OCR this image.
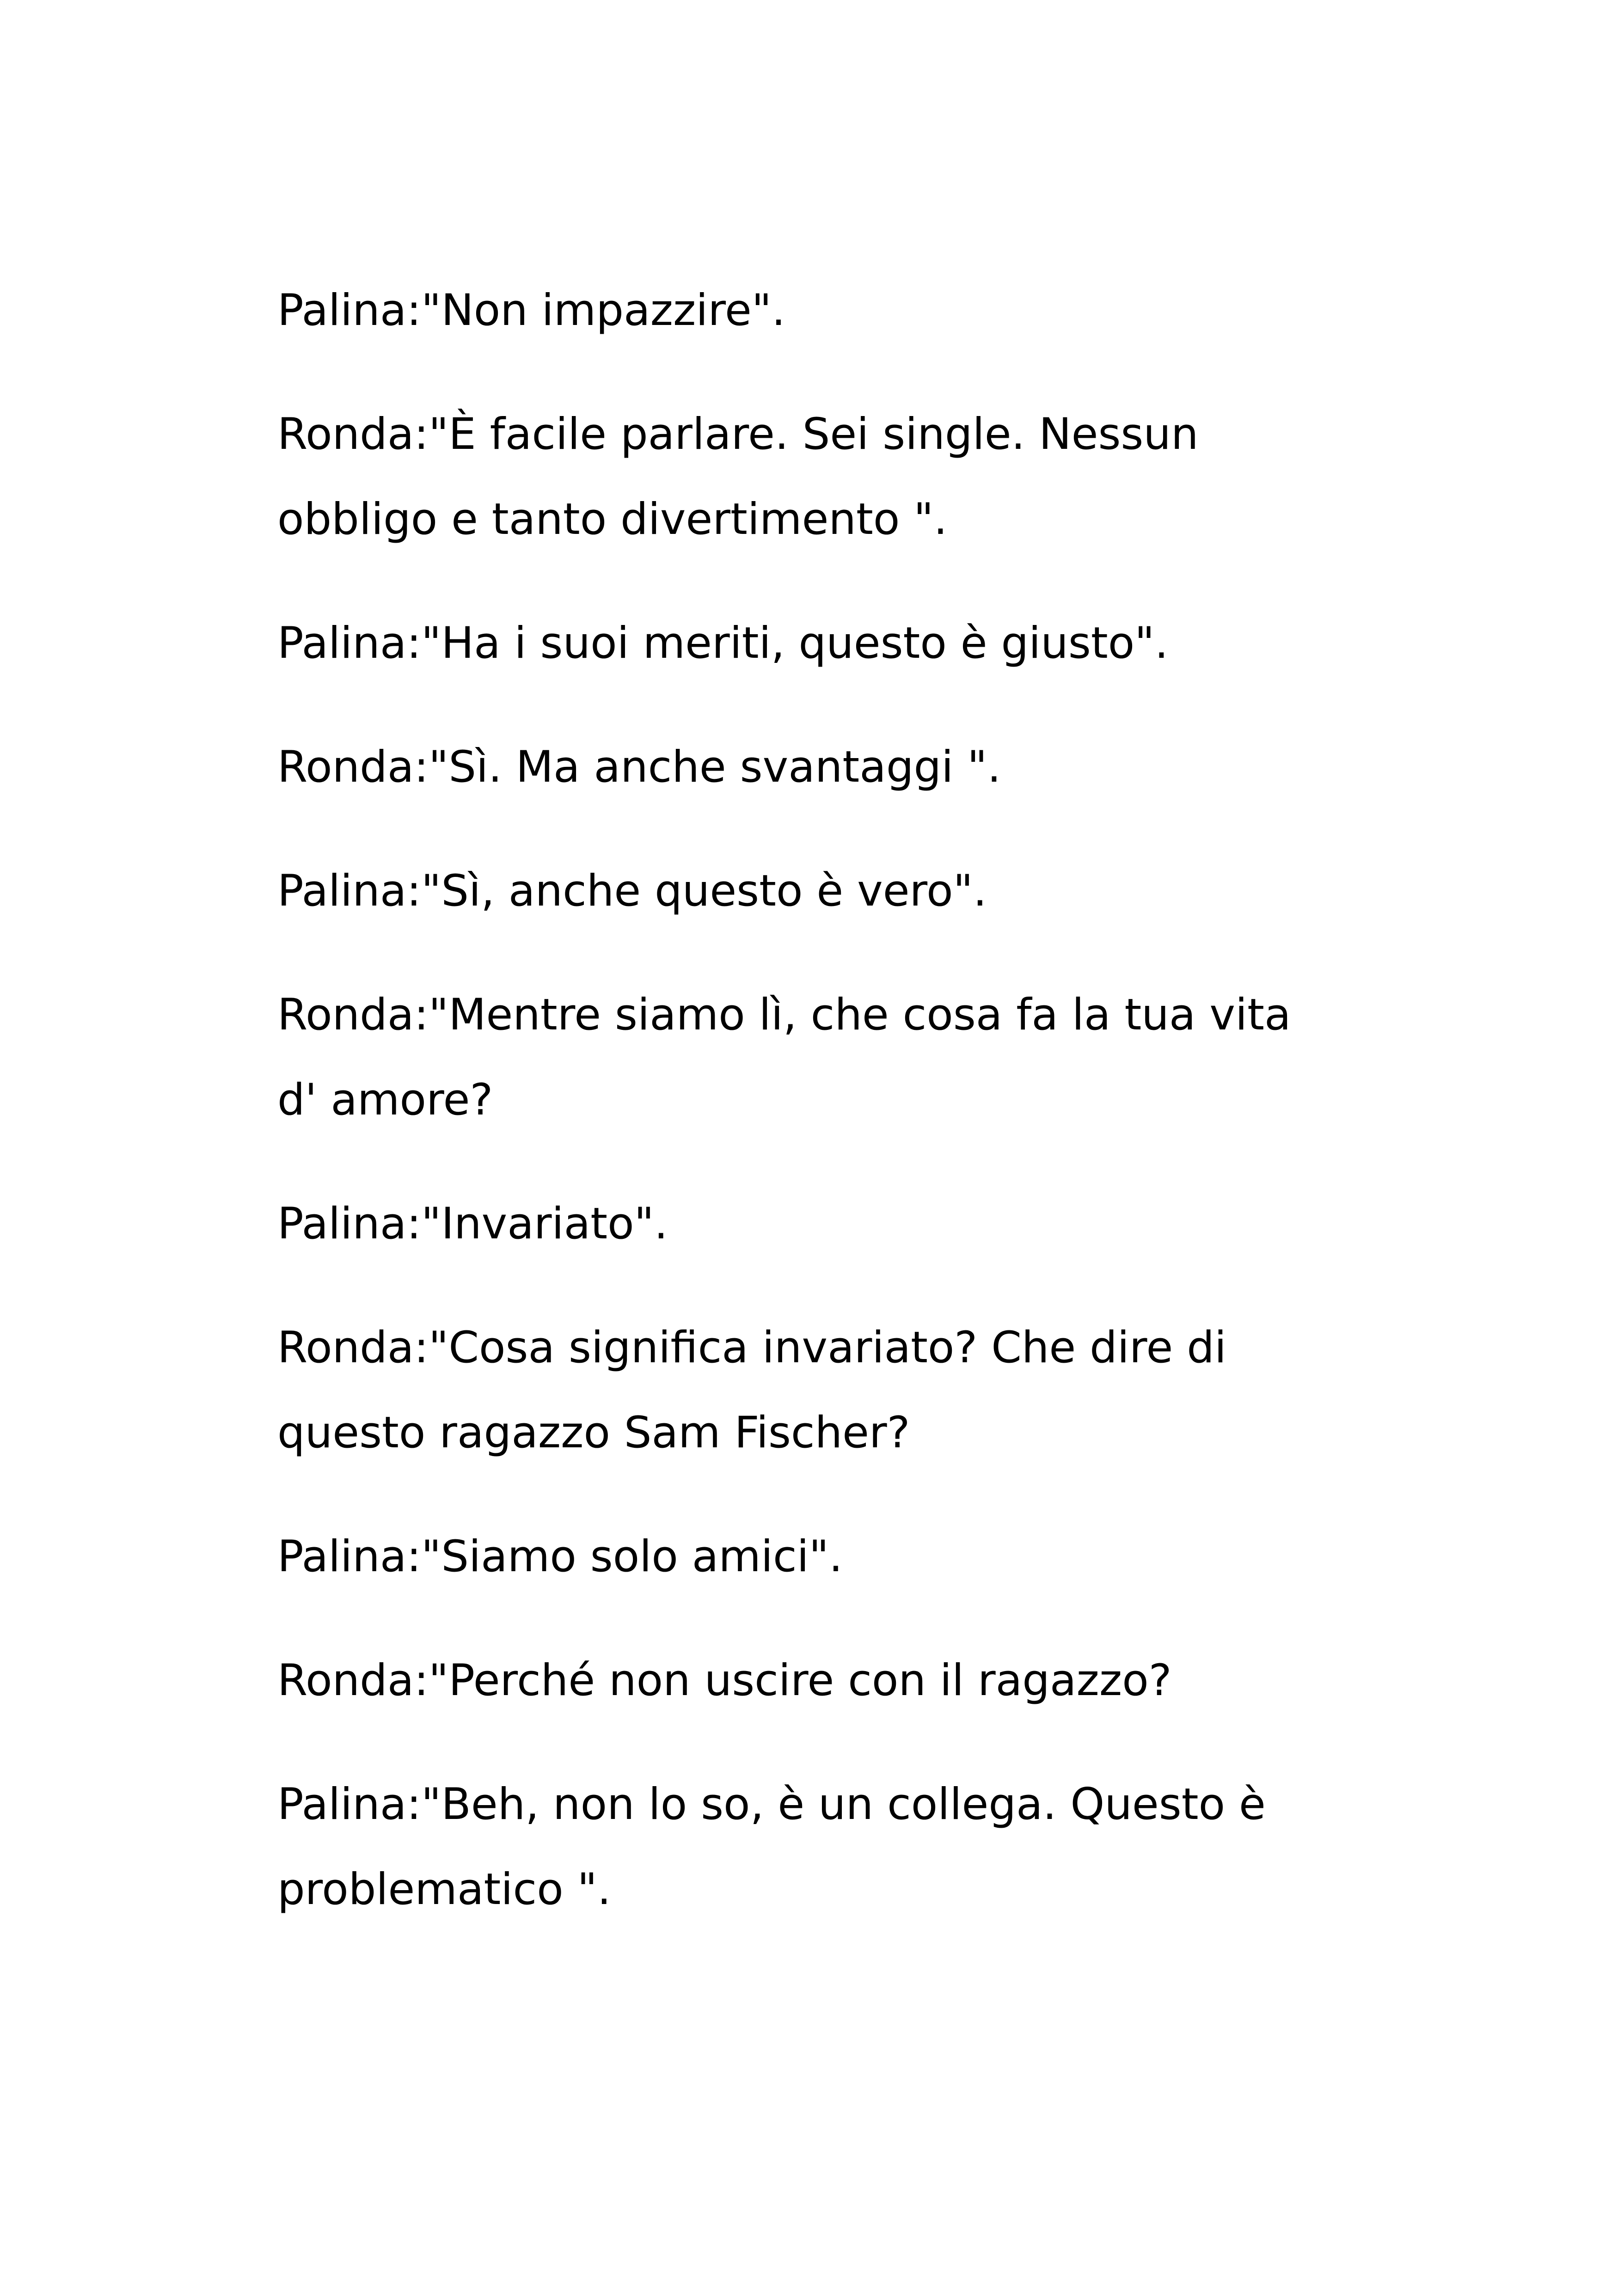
Palina:"Non impazzire".

Ronda:"È facile parlare. Sei single. Nessun
obbligo e tanto divertimento ".

Palina:"Ha i suoi meriti, questo è giusto".

Ronda:"Sì. Ma anche svantaggi ".

Palina:"Sì, anche questo è vero".

Ronda:"Mentre siamo lì, che cosa fa la tua vita
d' amore?

Palina:"Invariato".

Ronda:"Cosa significa invariato? Che dire di
questo ragazzo Sam Fischer?

Palina:"Siamo solo amici".

Ronda:"Perché non uscire con il ragazzo?

Palina:"Beh, non lo so, è un collega. Questo è
problematico ".
